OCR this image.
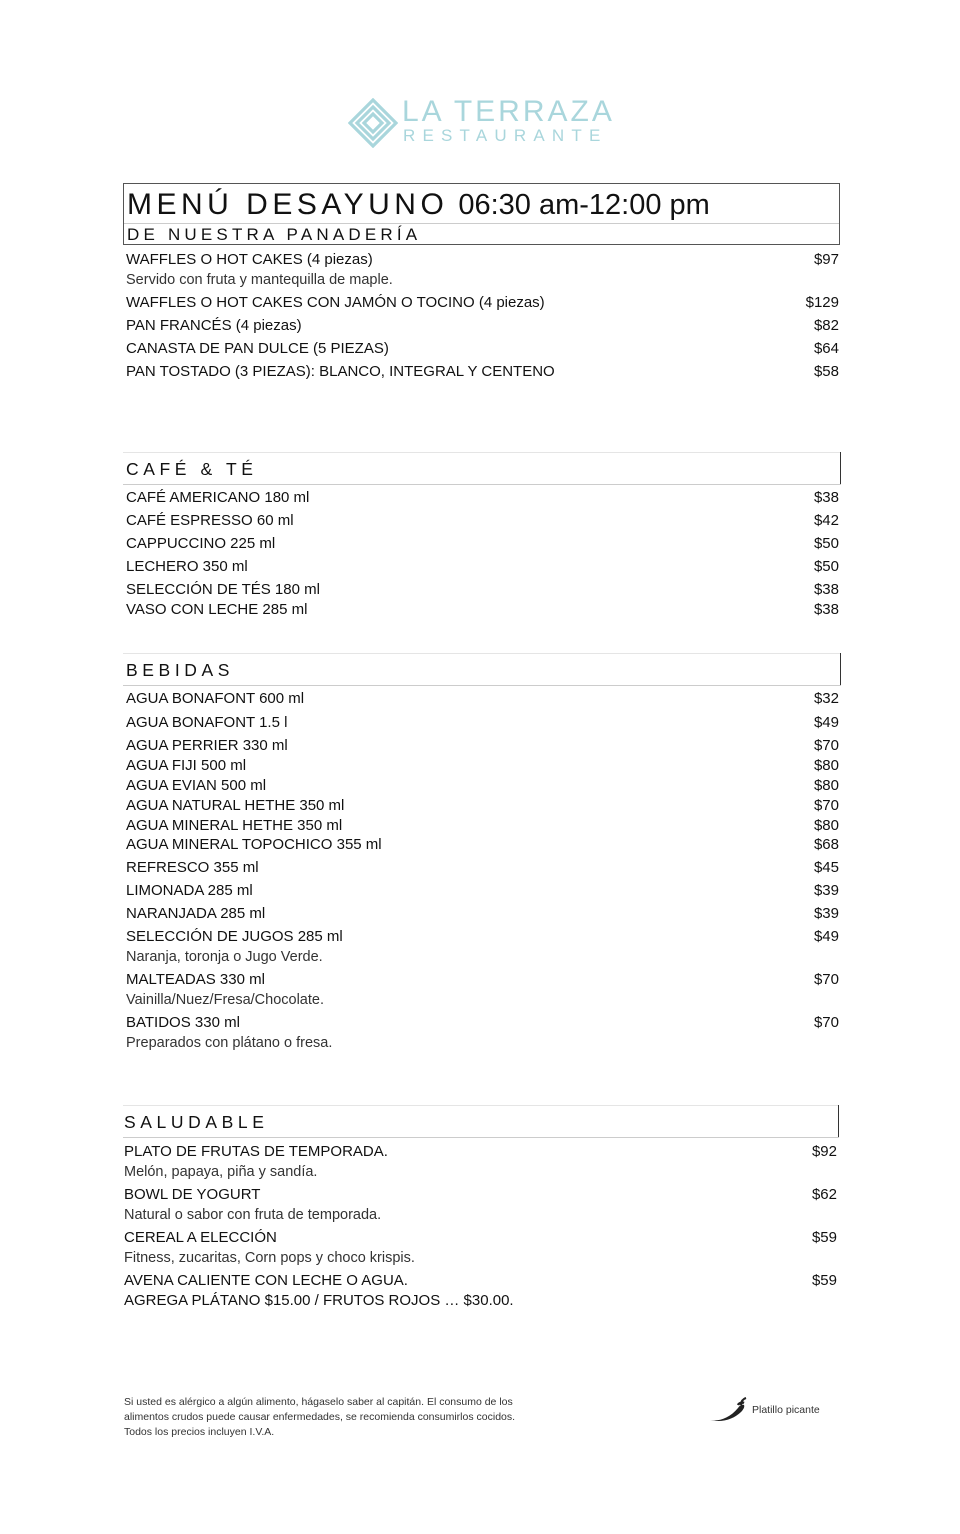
LA TERRAZA
RESTAURANTE
MENÚ DESAYUNO 06:30 am-12:00 pm
DE NUESTRA PANADERÍA
WAFFLES O HOT CAKES (4 piezas)	$97
Servido con fruta y mantequilla de maple.
WAFFLES O HOT CAKES CON JAMÓN O TOCINO (4 piezas)	$129
PAN FRANCÉS (4 piezas)	$82
CANASTA DE PAN DULCE (5 PIEZAS)	$64
PAN TOSTADO (3 PIEZAS): BLANCO, INTEGRAL Y CENTENO	$58
CAFÉ & TÉ
CAFÉ AMERICANO 180 ml	$38
CAFÉ ESPRESSO 60 ml	$42
CAPPUCCINO 225 ml	$50
LECHERO 350 ml	$50
SELECCIÓN DE TÉS 180 ml	$38
VASO CON LECHE 285 ml	$38
BEBIDAS
AGUA BONAFONT 600 ml	$32
AGUA BONAFONT 1.5 l	$49
AGUA PERRIER 330 ml	$70
AGUA FIJI 500 ml	$80
AGUA EVIAN 500 ml	$80
AGUA NATURAL HETHE 350 ml	$70
AGUA MINERAL HETHE 350 ml	$80
AGUA MINERAL TOPOCHICO 355 ml	$68
REFRESCO 355 ml	$45
LIMONADA 285 ml	$39
NARANJADA 285 ml	$39
SELECCIÓN DE JUGOS 285 ml	$49
Naranja, toronja o Jugo Verde.
MALTEADAS 330 ml	$70
Vainilla/Nuez/Fresa/Chocolate.
BATIDOS 330 ml	$70
Preparados con plátano o fresa.
SALUDABLE
PLATO DE FRUTAS DE TEMPORADA.	$92
Melón, papaya, piña y sandía.
BOWL DE YOGURT	$62
Natural o sabor con fruta de temporada.
CEREAL A ELECCIÓN	$59
Fitness, zucaritas, Corn pops y choco krispis.
AVENA CALIENTE CON LECHE O AGUA.	$59
AGREGA PLÁTANO $15.00 / FRUTOS ROJOS … $30.00.
Si usted es alérgico a algún alimento, hágaselo saber al capitán. El consumo de los
alimentos crudos puede causar enfermedades, se recomienda consumirlos cocidos.
Todos los precios incluyen I.V.A.
Platillo picante
